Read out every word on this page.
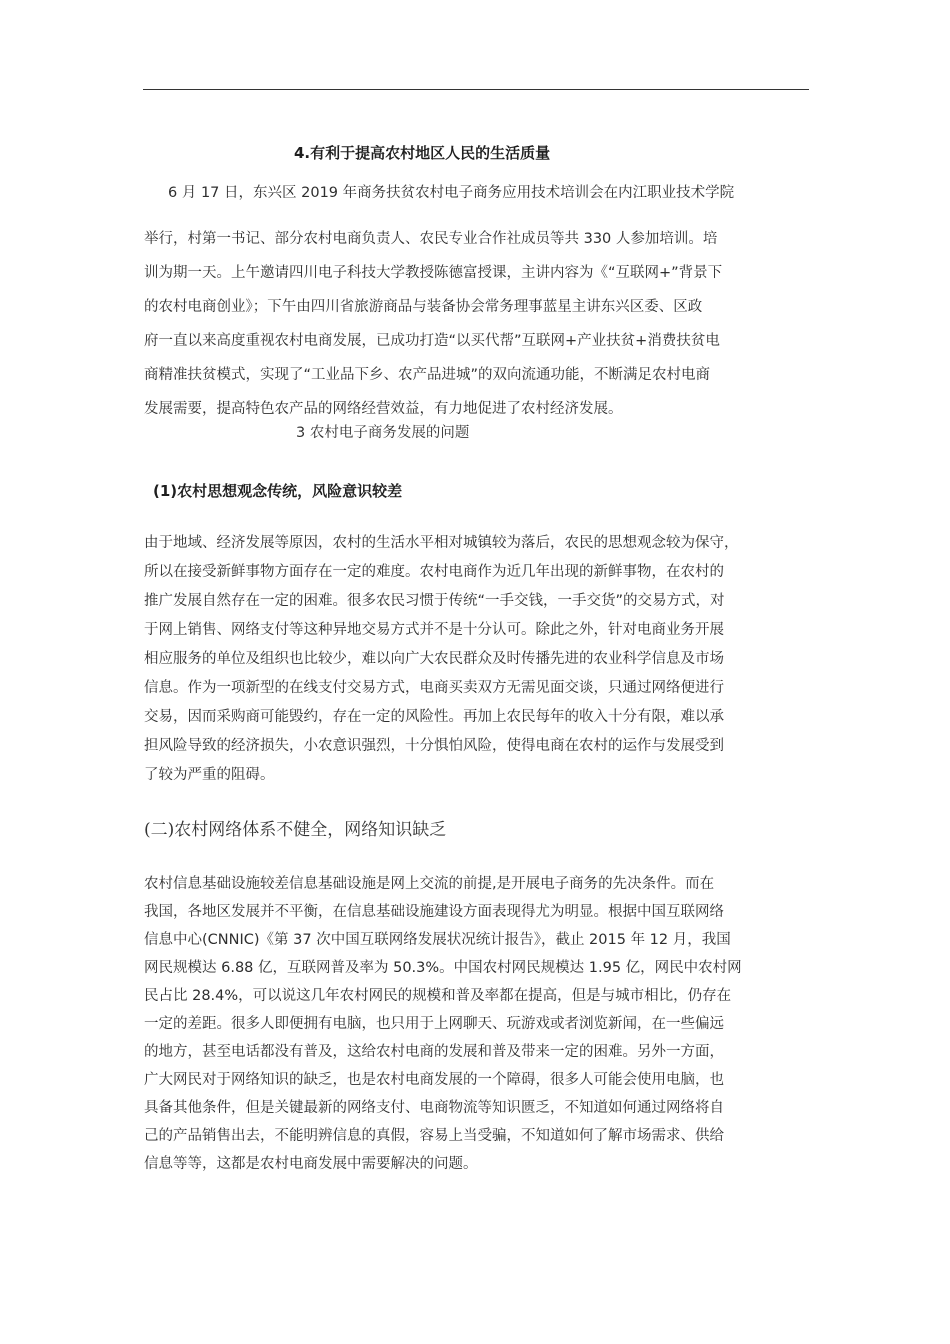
4.有利于提高农村地区人民的生活质量
6 月 17 日，东兴区 2019 年商务扶贫农村电子商务应用技术培训会在内江职业技术学院
举行，村第一书记、部分农村电商负责人、农民专业合作社成员等共 330 人参加培训。培
训为期一天。上午邀请四川电子科技大学教授陈德富授课，主讲内容为《“互联网+”背景下
的农村电商创业》；下午由四川省旅游商品与装备协会常务理事蓝星主讲东兴区委、区政
府一直以来高度重视农村电商发展，已成功打造“以买代帮”互联网+产业扶贫+消费扶贫电
商精准扶贫模式，实现了“工业品下乡、农产品进城”的双向流通功能，不断满足农村电商
发展需要，提高特色农产品的网络经营效益，有力地促进了农村经济发展。
3 农村电子商务发展的问题
(1)农村思想观念传统，风险意识较差
由于地域、经济发展等原因，农村的生活水平相对城镇较为落后，农民的思想观念较为保守，
所以在接受新鲜事物方面存在一定的难度。农村电商作为近几年出现的新鲜事物，在农村的
推广发展自然存在一定的困难。很多农民习惯于传统“一手交钱，一手交货”的交易方式，对
于网上销售、网络支付等这种异地交易方式并不是十分认可。除此之外，针对电商业务开展
相应服务的单位及组织也比较少，难以向广大农民群众及时传播先进的农业科学信息及市场
信息。作为一项新型的在线支付交易方式，电商买卖双方无需见面交谈，只通过网络便进行
交易，因而采购商可能毁约，存在一定的风险性。再加上农民每年的收入十分有限，难以承
担风险导致的经济损失，小农意识强烈，十分惧怕风险，使得电商在农村的运作与发展受到
了较为严重的阻碍。
(二)农村网络体系不健全，网络知识缺乏
农村信息基础设施较差信息基础设施是网上交流的前提,是开展电子商务的先决条件。而在
我国，各地区发展并不平衡，在信息基础设施建设方面表现得尤为明显。根据中国互联网络
信息中心(CNNIC)《第 37 次中国互联网络发展状况统计报告》，截止 2015 年 12 月，我国
网民规模达 6.88 亿，互联网普及率为 50.3%。中国农村网民规模达 1.95 亿，网民中农村网
民占比 28.4%，可以说这几年农村网民的规模和普及率都在提高，但是与城市相比，仍存在
一定的差距。很多人即便拥有电脑，也只用于上网聊天、玩游戏或者浏览新闻，在一些偏远
的地方，甚至电话都没有普及，这给农村电商的发展和普及带来一定的困难。另外一方面，
广大网民对于网络知识的缺乏，也是农村电商发展的一个障碍，很多人可能会使用电脑，也
具备其他条件，但是关键最新的网络支付、电商物流等知识匮乏，不知道如何通过网络将自
己的产品销售出去，不能明辨信息的真假，容易上当受骗，不知道如何了解市场需求、供给
信息等等，这都是农村电商发展中需要解决的问题。
